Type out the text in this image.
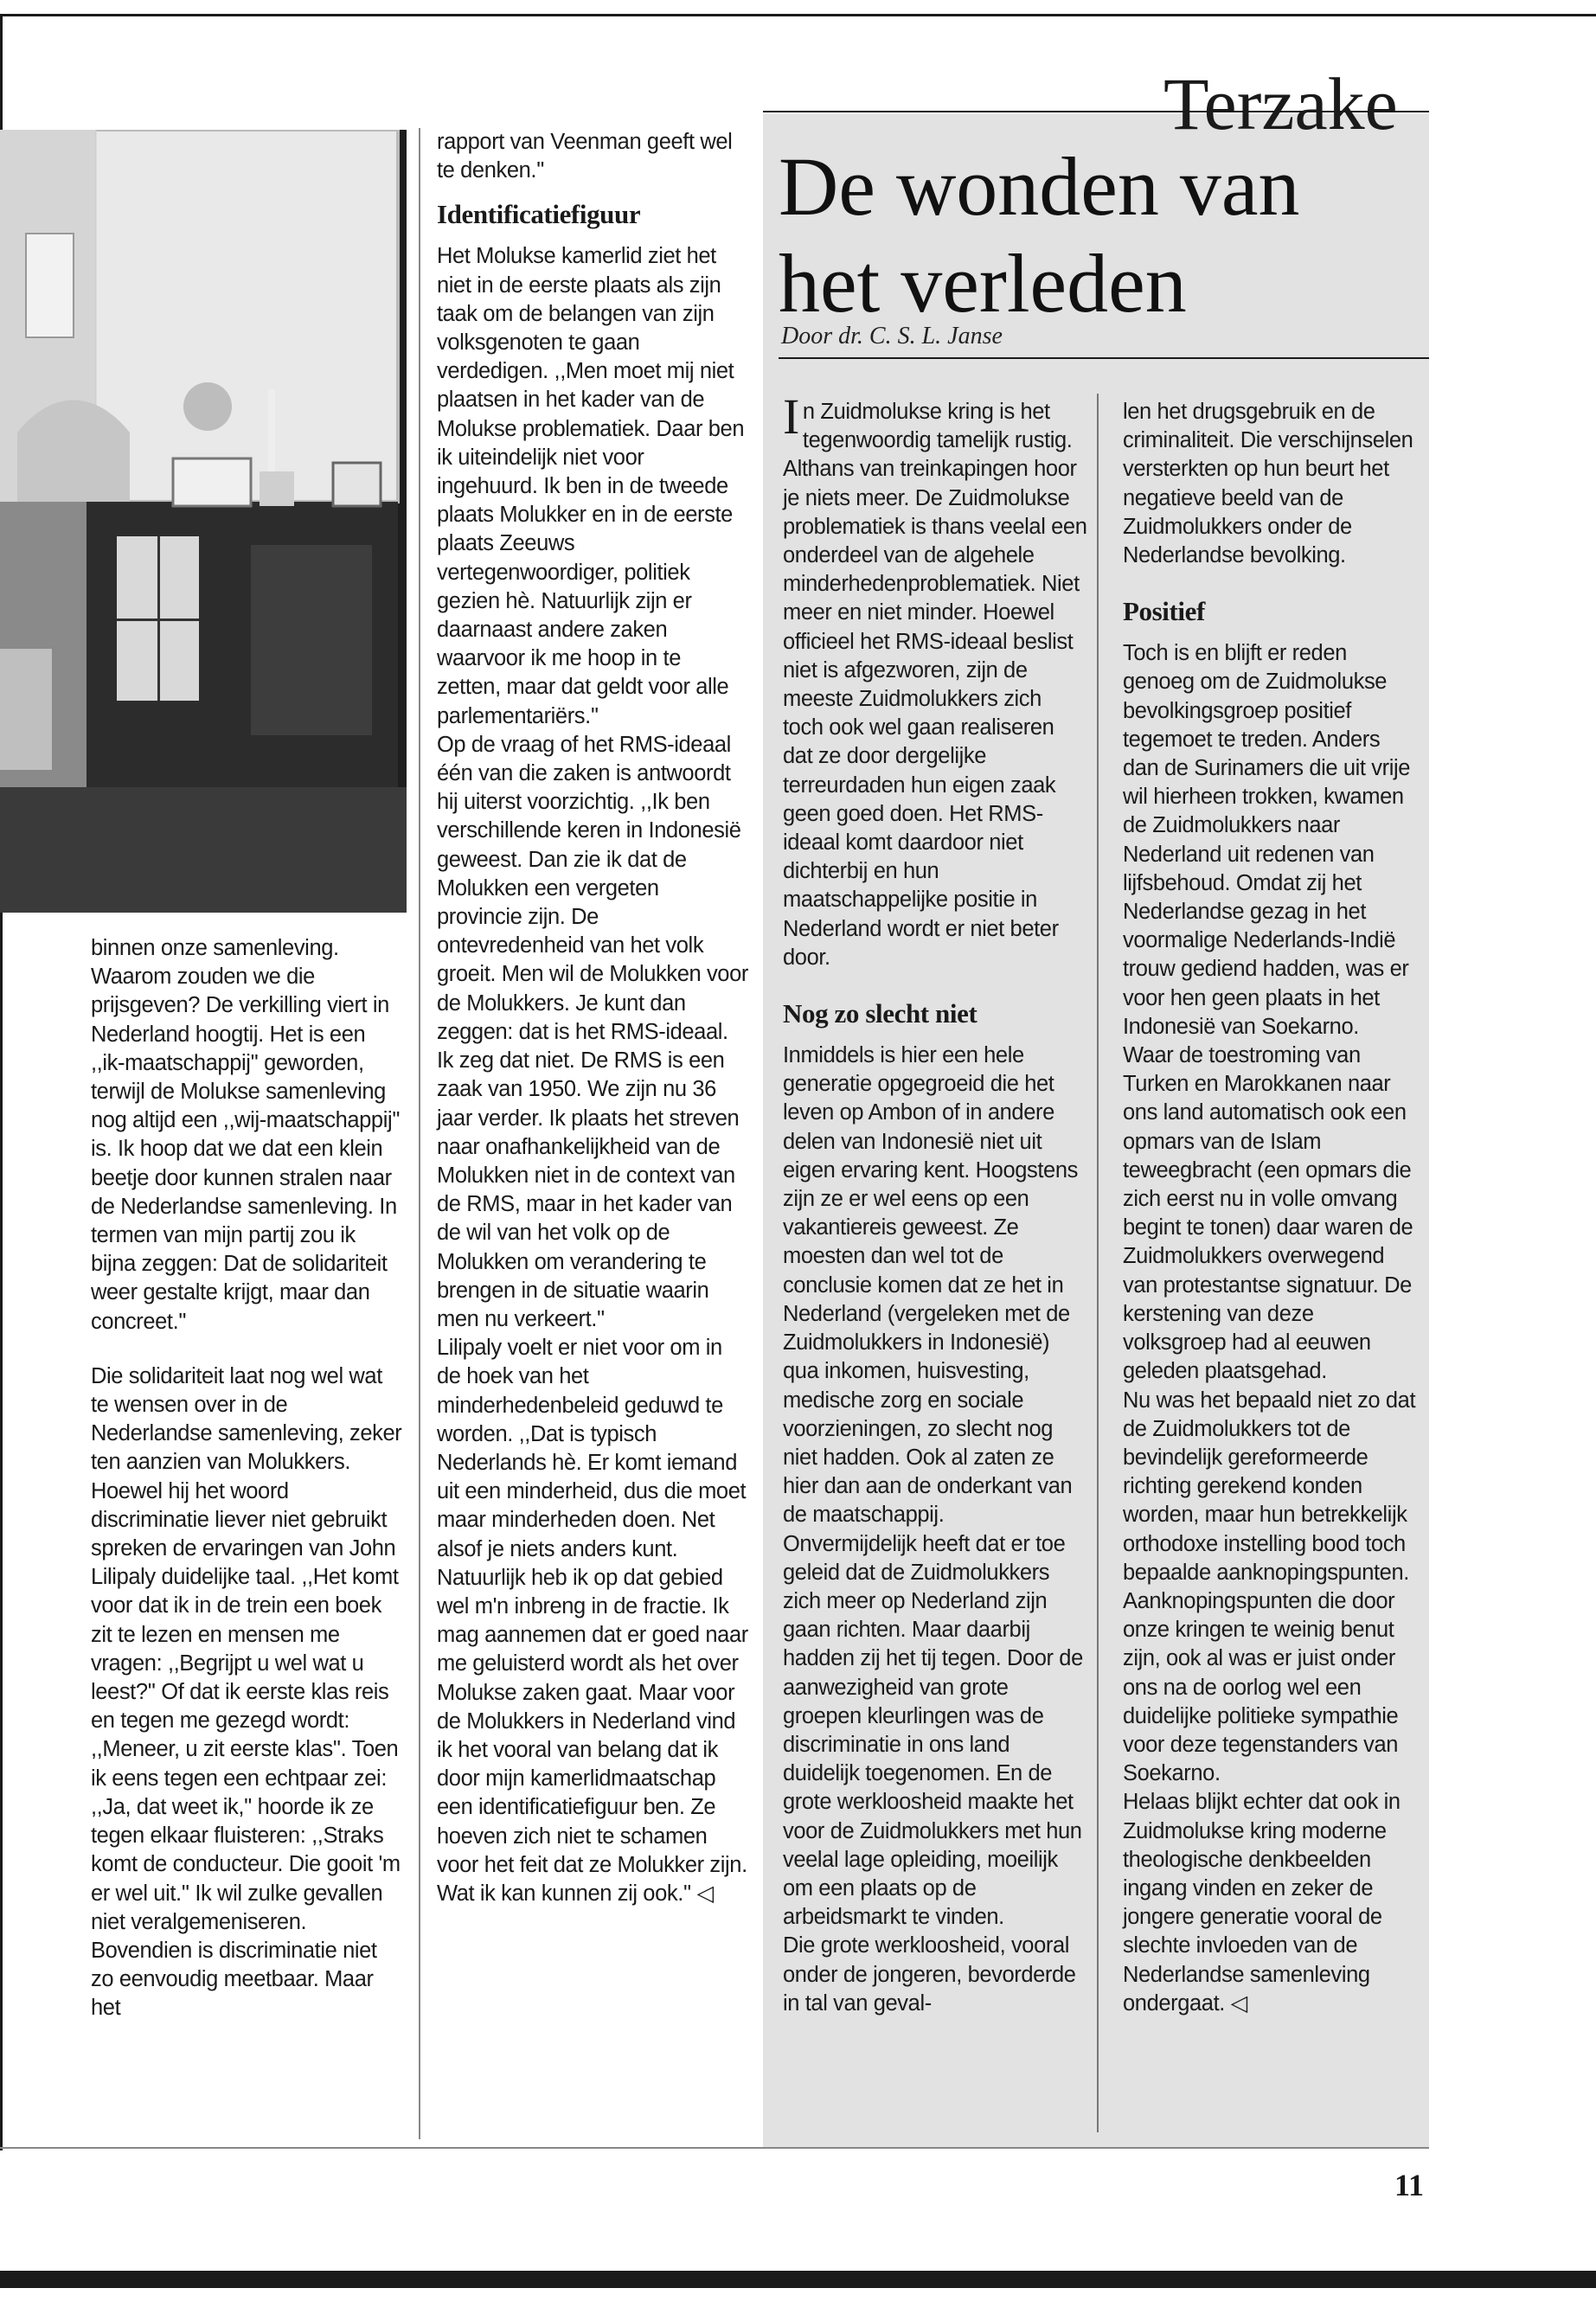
Terzake
De wonden van
het verleden
Door dr. C. S. L. Janse

binnen onze samenleving. Waarom zouden we die prijsgeven? De verkilling viert in Nederland hoogtij. Het is een ,,ik-maatschappij'' geworden, terwijl de Molukse samenleving nog altijd een ,,wij-maatschappij'' is. Ik hoop dat we dat een klein beetje door kunnen stralen naar de Nederlandse samenleving. In termen van mijn partij zou ik bijna zeggen: Dat de solidariteit weer gestalte krijgt, maar dan concreet.''

Die solidariteit laat nog wel wat te wensen over in de Nederlandse samenleving, zeker ten aanzien van Molukkers. Hoewel hij het woord discriminatie liever niet gebruikt spreken de ervaringen van John Lilipaly duidelijke taal. ,,Het komt voor dat ik in de trein een boek zit te lezen en mensen me vragen: ,,Begrijpt u wel wat u leest?'' Of dat ik eerste klas reis en tegen me gezegd wordt: ,,Meneer, u zit eerste klas''. Toen ik eens tegen een echtpaar zei: ,,Ja, dat weet ik,'' hoorde ik ze tegen elkaar fluisteren: ,,Straks komt de conducteur. Die gooit 'm er wel uit.'' Ik wil zulke gevallen niet veralgemeniseren. Bovendien is discriminatie niet zo eenvoudig meetbaar. Maar het

rapport van Veenman geeft wel te denken.''

Identificatiefiguur

Het Molukse kamerlid ziet het niet in de eerste plaats als zijn taak om de belangen van zijn volksgenoten te gaan verdedigen. ,,Men moet mij niet plaatsen in het kader van de Molukse problematiek. Daar ben ik uiteindelijk niet voor ingehuurd. Ik ben in de tweede plaats Molukker en in de eerste plaats Zeeuws vertegenwoordiger, politiek gezien hè. Natuurlijk zijn er daarnaast andere zaken waarvoor ik me hoop in te zetten, maar dat geldt voor alle parlementariërs.''

Op de vraag of het RMS-ideaal één van die zaken is antwoordt hij uiterst voorzichtig. ,,Ik ben verschillende keren in Indonesië geweest. Dan zie ik dat de Molukken een vergeten provincie zijn. De ontevredenheid van het volk groeit. Men wil de Molukken voor de Molukkers. Je kunt dan zeggen: dat is het RMS-ideaal. Ik zeg dat niet. De RMS is een zaak van 1950. We zijn nu 36 jaar verder. Ik plaats het streven naar onafhankelijkheid van de Molukken niet in de context van de RMS, maar in het kader van de wil van het volk op de Molukken om verandering te brengen in de situatie waarin men nu verkeert.''

Lilipaly voelt er niet voor om in de hoek van het minderhedenbeleid geduwd te worden. ,,Dat is typisch Nederlands hè. Er komt iemand uit een minderheid, dus die moet maar minderheden doen. Net alsof je niets anders kunt. Natuurlijk heb ik op dat gebied wel m'n inbreng in de fractie. Ik mag aannemen dat er goed naar me geluisterd wordt als het over Molukse zaken gaat. Maar voor de Molukkers in Nederland vind ik het vooral van belang dat ik door mijn kamerlidmaatschap een identificatiefiguur ben. Ze hoeven zich niet te schamen voor het feit dat ze Molukker zijn. Wat ik kan kunnen zij ook.'' ◁

In Zuidmolukse kring is het tegenwoordig tamelijk rustig. Althans van treinkapingen hoor je niets meer. De Zuidmolukse problematiek is thans veelal een onderdeel van de algehele minderhedenproblematiek. Niet meer en niet minder. Hoewel officieel het RMS-ideaal beslist niet is afgezworen, zijn de meeste Zuidmolukkers zich toch ook wel gaan realiseren dat ze door dergelijke terreurdaden hun eigen zaak geen goed doen. Het RMS-ideaal komt daardoor niet dichterbij en hun maatschappelijke positie in Nederland wordt er niet beter door.

Nog zo slecht niet

Inmiddels is hier een hele generatie opgegroeid die het leven op Ambon of in andere delen van Indonesië niet uit eigen ervaring kent. Hoogstens zijn ze er wel eens op een vakantiereis geweest. Ze moesten dan wel tot de conclusie komen dat ze het in Nederland (vergeleken met de Zuidmolukkers in Indonesië) qua inkomen, huisvesting, medische zorg en sociale voorzieningen, zo slecht nog niet hadden. Ook al zaten ze hier dan aan de onderkant van de maatschappij.

Onvermijdelijk heeft dat er toe geleid dat de Zuidmolukkers zich meer op Nederland zijn gaan richten. Maar daarbij hadden zij het tij tegen. Door de aanwezigheid van grote groepen kleurlingen was de discriminatie in ons land duidelijk toegenomen. En de grote werkloosheid maakte het voor de Zuidmolukkers met hun veelal lage opleiding, moeilijk om een plaats op de arbeidsmarkt te vinden.

Die grote werkloosheid, vooral onder de jongeren, bevorderde in tal van geval-

len het drugsgebruik en de criminaliteit. Die verschijnselen versterkten op hun beurt het negatieve beeld van de Zuidmolukkers onder de Nederlandse bevolking.

Positief

Toch is en blijft er reden genoeg om de Zuidmolukse bevolkingsgroep positief tegemoet te treden. Anders dan de Surinamers die uit vrije wil hierheen trokken, kwamen de Zuidmolukkers naar Nederland uit redenen van lijfsbehoud. Omdat zij het Nederlandse gezag in het voormalige Nederlands-Indië trouw gediend hadden, was er voor hen geen plaats in het Indonesië van Soekarno.

Waar de toestroming van Turken en Marokkanen naar ons land automatisch ook een opmars van de Islam teweegbracht (een opmars die zich eerst nu in volle omvang begint te tonen) daar waren de Zuidmolukkers overwegend van protestantse signatuur. De kerstening van deze volksgroep had al eeuwen geleden plaatsgehad.

Nu was het bepaald niet zo dat de Zuidmolukkers tot de bevindelijk gereformeerde richting gerekend konden worden, maar hun betrekkelijk orthodoxe instelling bood toch bepaalde aanknopingspunten. Aanknopingspunten die door onze kringen te weinig benut zijn, ook al was er juist onder ons na de oorlog wel een duidelijke politieke sympathie voor deze tegenstanders van Soekarno.

Helaas blijkt echter dat ook in Zuidmolukse kring moderne theologische denkbeelden ingang vinden en zeker de jongere generatie vooral de slechte invloeden van de Nederlandse samenleving ondergaat. ◁

11
